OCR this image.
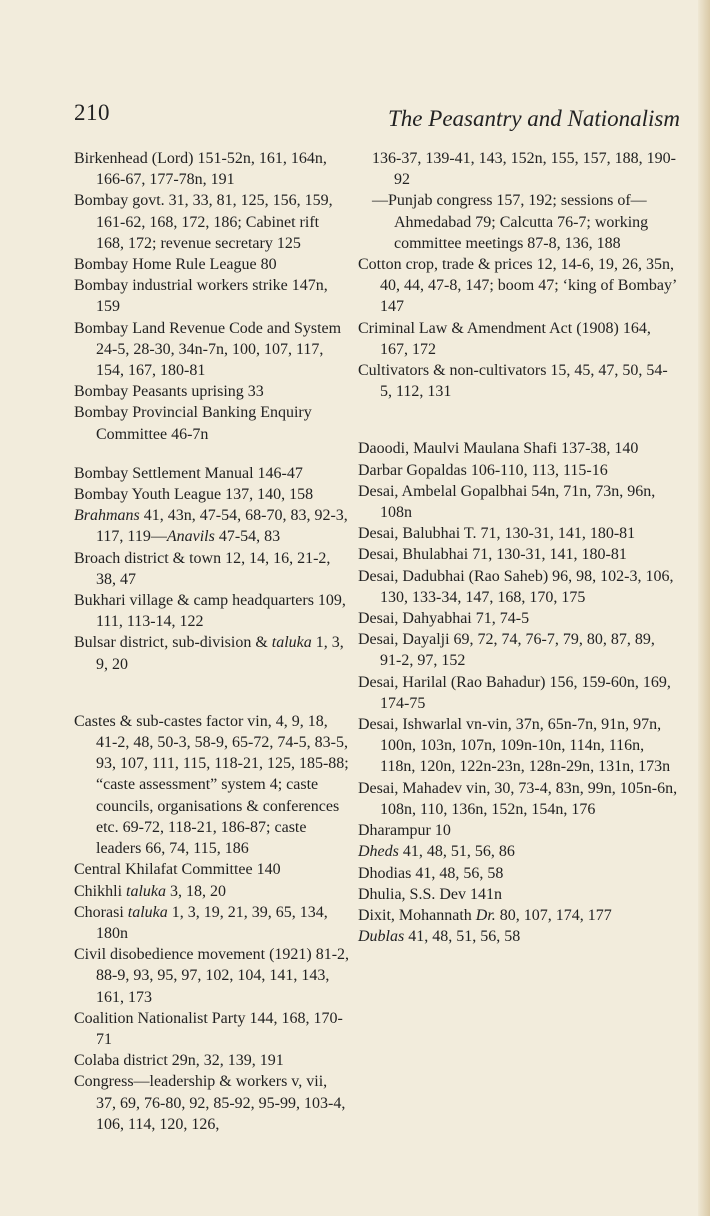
210	The Peasantry and Nationalism

Birkenhead (Lord) 151-52n, 161, 164n, 166-67, 177-78n, 191

Bombay govt. 31, 33, 81, 125, 156, 159, 161-62, 168, 172, 186; Cabinet rift 168, 172; revenue secretary 125

Bombay Home Rule League 80

Bombay industrial workers strike 147n, 159

Bombay Land Revenue Code and System 24-5, 28-30, 34n-7n, 100, 107, 117, 154, 167, 180-81

Bombay Peasants uprising 33

Bombay Provincial Banking Enquiry Committee 46-7n

Bombay Settlement Manual 146-47

Bombay Youth League 137, 140, 158

Brahmans 41, 43n, 47-54, 68-70, 83, 92-3, 117, 119—Anavils 47-54, 83

Broach district & town 12, 14, 16, 21-2, 38, 47

Bukhari village & camp headquarters 109, 111, 113-14, 122

Bulsar district, sub-division & taluka 1, 3, 9, 20

Castes & sub-castes factor vin, 4, 9, 18, 41-2, 48, 50-3, 58-9, 65-72, 74-5, 83-5, 93, 107, 111, 115, 118-21, 125, 185-88; “caste assessment” system 4; caste councils, organisations & conferences etc. 69-72, 118-21, 186-87; caste leaders 66, 74, 115, 186

Central Khilafat Committee 140

Chikhli taluka 3, 18, 20

Chorasi taluka 1, 3, 19, 21, 39, 65, 134, 180n

Civil disobedience movement (1921) 81-2, 88-9, 93, 95, 97, 102, 104, 141, 143, 161, 173

Coalition Nationalist Party 144, 168, 170-71

Colaba district 29n, 32, 139, 191

Congress—leadership & workers v, vii, 37, 69, 76-80, 92, 85-92, 95-99, 103-4, 106, 114, 120, 126,

136-37, 139-41, 143, 152n, 155, 157, 188, 190-92

—Punjab congress 157, 192; sessions of—Ahmedabad 79; Calcutta 76-7; working committee meetings 87-8, 136, 188

Cotton crop, trade & prices 12, 14-6, 19, 26, 35n, 40, 44, 47-8, 147; boom 47; ‘king of Bombay’ 147

Criminal Law & Amendment Act (1908) 164, 167, 172

Cultivators & non-cultivators 15, 45, 47, 50, 54-5, 112, 131

Daoodi, Maulvi Maulana Shafi 137-38, 140

Darbar Gopaldas 106-110, 113, 115-16

Desai, Ambelal Gopalbhai 54n, 71n, 73n, 96n, 108n

Desai, Balubhai T. 71, 130-31, 141, 180-81

Desai, Bhulabhai 71, 130-31, 141, 180-81

Desai, Dadubhai (Rao Saheb) 96, 98, 102-3, 106, 130, 133-34, 147, 168, 170, 175

Desai, Dahyabhai 71, 74-5

Desai, Dayalji 69, 72, 74, 76-7, 79, 80, 87, 89, 91-2, 97, 152

Desai, Harilal (Rao Bahadur) 156, 159-60n, 169, 174-75

Desai, Ishwarlal vn-vin, 37n, 65n-7n, 91n, 97n, 100n, 103n, 107n, 109n-10n, 114n, 116n, 118n, 120n, 122n-23n, 128n-29n, 131n, 173n

Desai, Mahadev vin, 30, 73-4, 83n, 99n, 105n-6n, 108n, 110, 136n, 152n, 154n, 176

Dharampur 10

Dheds 41, 48, 51, 56, 86

Dhodias 41, 48, 56, 58

Dhulia, S.S. Dev 141n

Dixit, Mohannath Dr. 80, 107, 174, 177

Dublas 41, 48, 51, 56, 58
